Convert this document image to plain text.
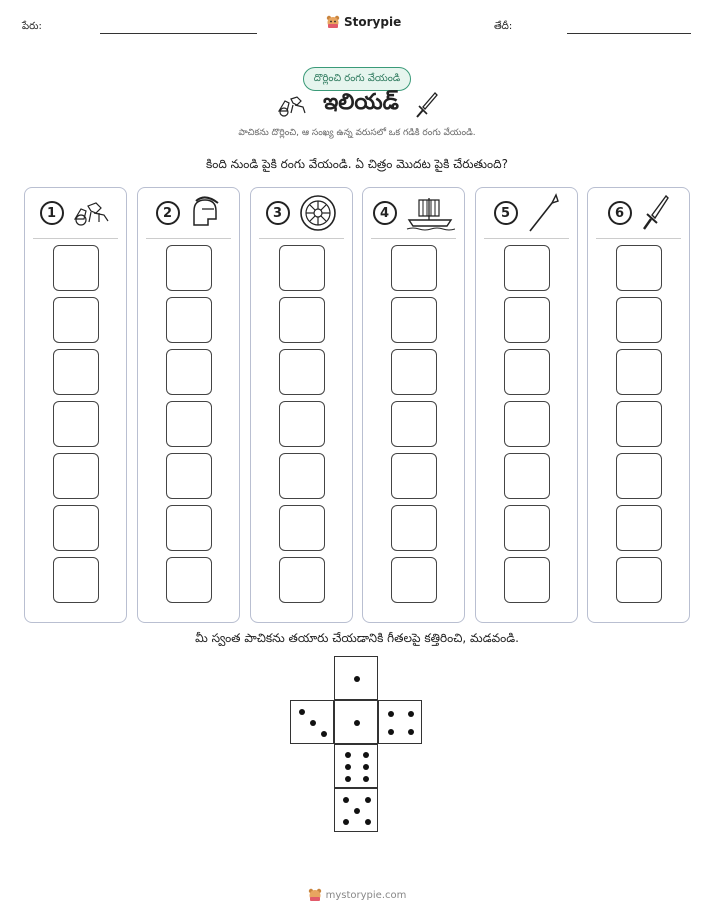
పేరు:	Storypie	తేదీ:
దొర్లించి రంగు వేయండి
ఇలియడ్
పాచికను దొర్లించి, ఆ సంఖ్య ఉన్న వరుసలో ఒక గడికి రంగు వేయండి.
కింది నుండి పైకి రంగు వేయండి. ఏ చిత్రం మొదట పైకి చేరుతుంది?
1	2	3	4	5	6
మీ స్వంత పాచికను తయారు చేయడానికి గీతలపై కత్తిరించి, మడవండి.
mystorypie.com
